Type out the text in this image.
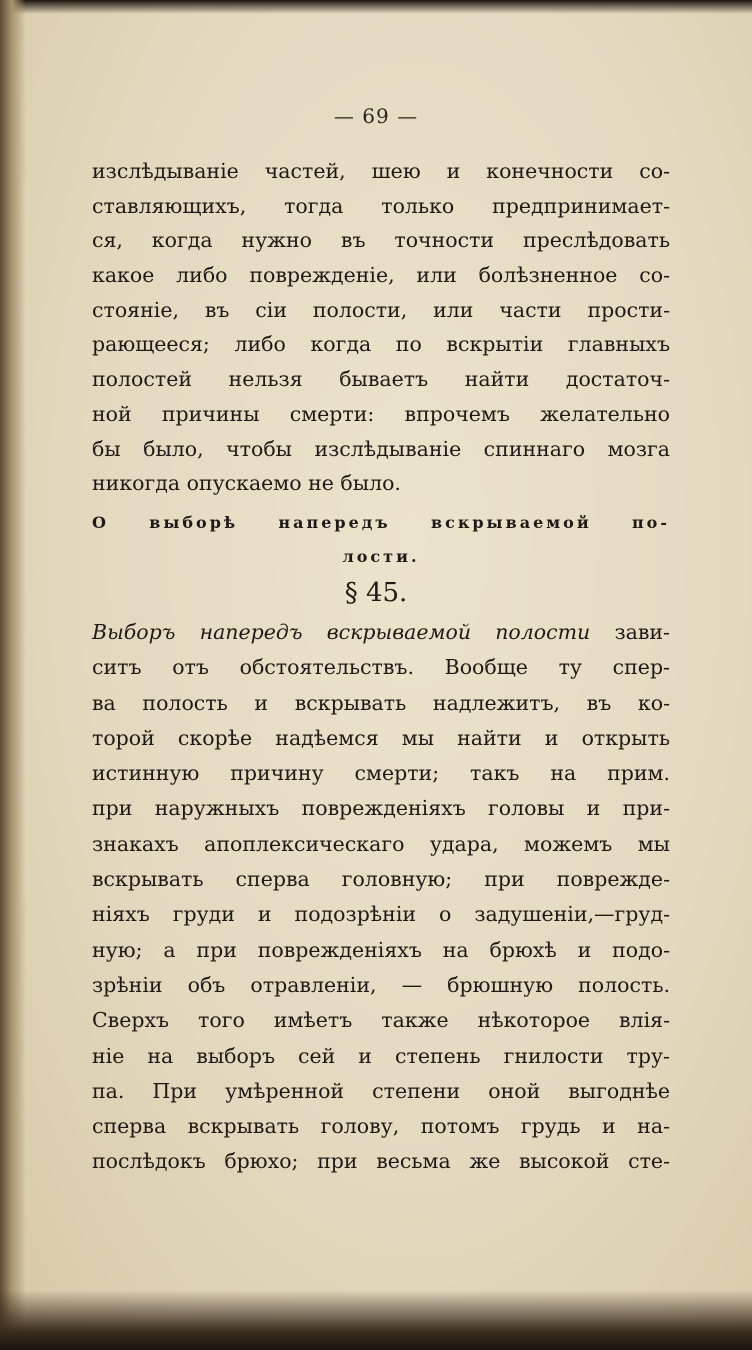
— 69 —
изслѣдываніе частей, шею и конечности со-
ставляющихъ, тогда только предпринимает-
ся, когда нужно въ точности преслѣдовать
какое либо поврежденіе, или болѣзненное со-
стояніе, въ сіи полости, или части прости-
рающееся; либо когда по вскрытіи главныхъ
полостей нельзя бываетъ найти достаточ-
ной причины смерти: впрочемъ желательно
бы было, чтобы изслѣдываніе спиннаго мозга
никогда опускаемо не было.
О выборѣ напередъ вскрываемой по-
лости.
§ 45.
Выборъ напередъ вскрываемой полости зави-
ситъ отъ обстоятельствъ. Вообще ту спер-
ва полость и вскрывать надлежитъ, въ ко-
торой скорѣе надѣемся мы найти и открыть
истинную причину смерти; такъ на прим.
при наружныхъ поврежденіяхъ головы и при-
знакахъ апоплексическаго удара, можемъ мы
вскрывать сперва головную; при поврежде-
ніяхъ груди и подозрѣніи о задушеніи,—груд-
ную; а при поврежденіяхъ на брюхѣ и подо-
зрѣніи объ отравленіи, — брюшную полость.
Сверхъ того имѣетъ также нѣкоторое влія-
ніе на выборъ сей и степень гнилости тру-
па. При умѣренной степени оной выгоднѣе
сперва вскрывать голову, потомъ грудь и на-
послѣдокъ брюхо; при весьма же высокой сте-
